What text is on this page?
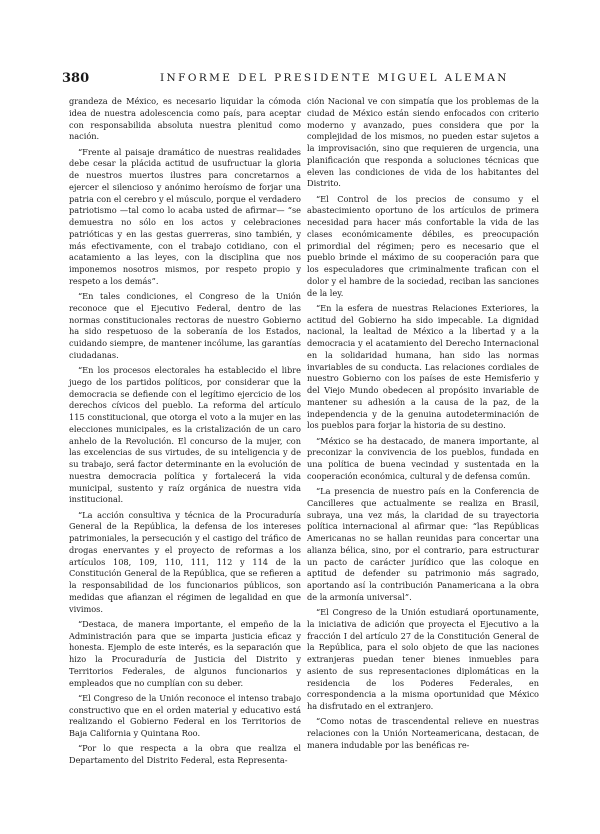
380	INFORME DEL PRESIDENTE MIGUEL ALEMAN

grandeza de México, es necesario liquidar la cómoda idea de nuestra adolescencia como país, para aceptar con responsabilida absoluta nuestra plenitud como nación.

“Frente al paisaje dramático de nuestras realidades debe cesar la plácida actitud de usufructuar la gloria de nuestros muertos ilustres para concretarnos a ejercer el silencioso y anónimo heroísmo de forjar una patria con el cerebro y el músculo, porque el verdadero patriotismo —tal como lo acaba usted de afirmar— “se demuestra no sólo en los actos y celebraciones patrióticas y en las gestas guerreras, sino también, y más efectivamente, con el trabajo cotidiano, con el acatamiento a las leyes, con la disciplina que nos imponemos nosotros mismos, por respeto propio y respeto a los demás”.

“En tales condiciones, el Congreso de la Unión reconoce que el Ejecutivo Federal, dentro de las normas constitucionales rectoras de nuestro Gobierno ha sido respetuoso de la soberanía de los Estados, cuidando siempre, de mantener incólume, las garantías ciudadanas.

“En los procesos electorales ha establecido el libre juego de los partidos políticos, por considerar que la democracia se defiende con el legítimo ejercicio de los derechos cívicos del pueblo. La reforma del artículo 115 constitucional, que otorga el voto a la mujer en las elecciones municipales, es la cristalización de un caro anhelo de la Revolución. El concurso de la mujer, con las excelencias de sus virtudes, de su inteligencia y de su trabajo, será factor determinante en la evolución de nuestra democracia política y fortalecerá la vida municipal, sustento y raíz orgánica de nuestra vida institucional.

“La acción consultiva y técnica de la Procuraduría General de la República, la defensa de los intereses patrimoniales, la persecución y el castigo del tráfico de drogas enervantes y el proyecto de reformas a los artículos 108, 109, 110, 111, 112 y 114 de la Constitución General de la República, que se refieren a la responsabilidad de los funcionarios públicos, son medidas que afianzan el régimen de legalidad en que vivimos.

“Destaca, de manera importante, el empeño de la Administración para que se imparta justicia eficaz y honesta. Ejemplo de este interés, es la separación que hizo la Procuraduría de Justicia del Distrito y Territorios Federales, de algunos funcionarios y empleados que no cumplían con su deber.

“El Congreso de la Unión reconoce el intenso trabajo constructivo que en el orden material y educativo está realizando el Gobierno Federal en los Territorios de Baja California y Quintana Roo.

“Por lo que respecta a la obra que realiza el Departamento del Distrito Federal, esta Representa-

ción Nacional ve con simpatía que los problemas de la ciudad de México están siendo enfocados con criterio moderno y avanzado, pues considera que por la complejidad de los mismos, no pueden estar sujetos a la improvisación, sino que requieren de urgencia, una planificación que responda a soluciones técnicas que eleven las condiciones de vida de los habitantes del Distrito.

“El Control de los precios de consumo y el abastecimiento oportuno de los artículos de primera necesidad para hacer más confortable la vida de las clases económicamente débiles, es preocupación primordial del régimen; pero es necesario que el pueblo brinde el máximo de su cooperación para que los especuladores que criminalmente trafican con el dolor y el hambre de la sociedad, reciban las sanciones de la ley.

“En la esfera de nuestras Relaciones Exteriores, la actitud del Gobierno ha sido impecable. La dignidad nacional, la lealtad de México a la libertad y a la democracia y el acatamiento del Derecho Internacional en la solidaridad humana, han sido las normas invariables de su conducta. Las relaciones cordiales de nuestro Gobierno con los países de este Hemisferio y del Viejo Mundo obedecen al propósito invariable de mantener su adhesión a la causa de la paz, de la independencia y de la genuina autodeterminación de los pueblos para forjar la historia de su destino.

“México se ha destacado, de manera importante, al preconizar la convivencia de los pueblos, fundada en una política de buena vecindad y sustentada en la cooperación económica, cultural y de defensa común.

“La presencia de nuestro país en la Conferencia de Cancilleres que actualmente se realiza en Brasil, subraya, una vez más, la claridad de su trayectoria política internacional al afirmar que: “las Repúblicas Americanas no se hallan reunidas para concertar una alianza bélica, sino, por el contrario, para estructurar un pacto de carácter jurídico que las coloque en aptitud de defender su patrimonio más sagrado, aportando así la contribución Panamericana a la obra de la armonía universal”.

“El Congreso de la Unión estudiará oportunamente, la iniciativa de adición que proyecta el Ejecutivo a la fracción I del artículo 27 de la Constitución General de la República, para el solo objeto de que las naciones extranjeras puedan tener bienes inmuebles para asiento de sus representaciones diplomáticas en la residencia de los Poderes Federales, en correspondencia a la misma oportunidad que México ha disfrutado en el extranjero.

“Como notas de trascendental relieve en nuestras relaciones con la Unión Norteamericana, destacan, de manera indudable por las benéficas re-
